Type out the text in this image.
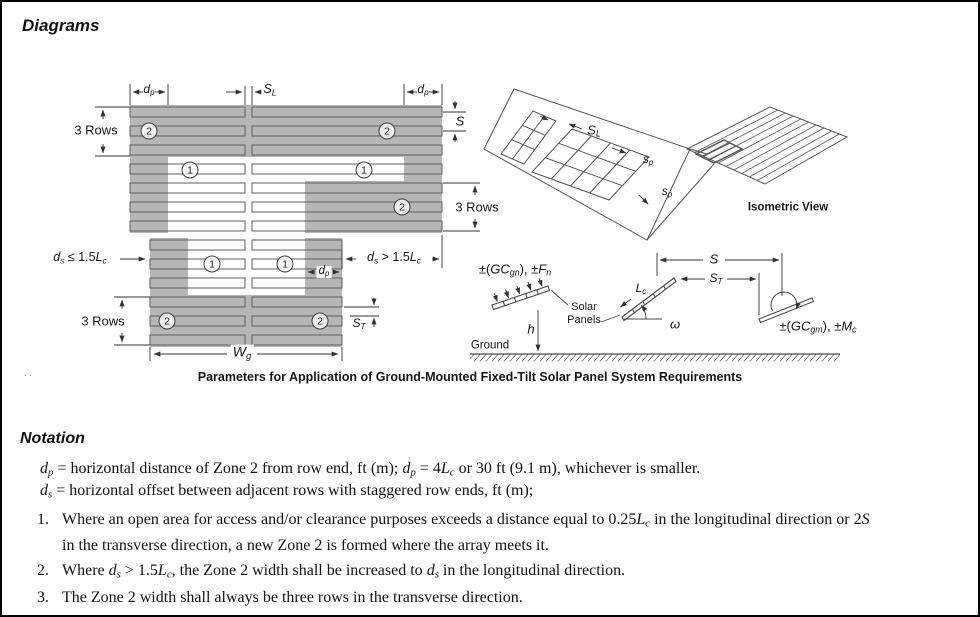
Diagrams
dp	SL	dp
S
3 Rows
3 Rows
3 Rows
ds ≤ 1.5Lc	ds > 1.5Lc
dp
ST
Wg
2	2
1	1
2
1	1
2	2
SL
sp
sp
Isometric View
±(GCgn), ±Fn
Solar
Panels
h
Ground
Lc
ω
S
ST
±(GCgm), ±Mc
Parameters for Application of Ground-Mounted Fixed-Tilt Solar Panel System Requirements
..
Notation
dp = horizontal distance of Zone 2 from row end, ft (m); dp = 4Lc or 30 ft (9.1 m), whichever is smaller.
ds = horizontal offset between adjacent rows with staggered row ends, ft (m);
1. Where an open area for access and/or clearance purposes exceeds a distance equal to 0.25Lc in the longitudinal direction or 2S
in the transverse direction, a new Zone 2 is formed where the array meets it.
2. Where ds > 1.5Lc, the Zone 2 width shall be increased to ds in the longitudinal direction.
3. The Zone 2 width shall always be three rows in the transverse direction.
